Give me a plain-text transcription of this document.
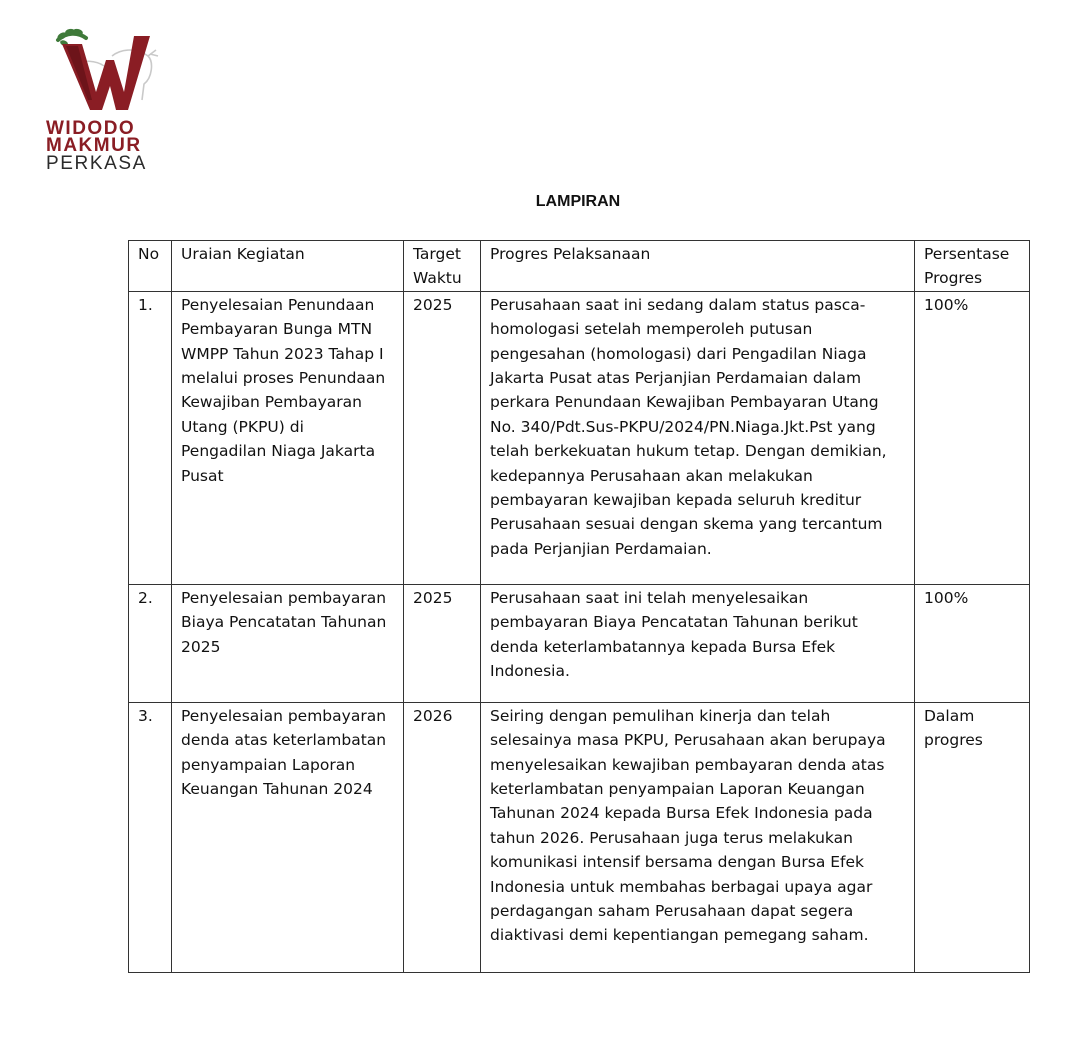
WIDODO
MAKMUR
PERKASA
LAMPIRAN
No	Uraian Kegiatan	Target Waktu	Progres Pelaksanaan	Persentase Progres
1.	Penyelesaian Penundaan Pembayaran Bunga MTN WMPP Tahun 2023 Tahap I melalui proses Penundaan Kewajiban Pembayaran Utang (PKPU) di Pengadilan Niaga Jakarta Pusat	2025	Perusahaan saat ini sedang dalam status pasca-homologasi setelah memperoleh putusan pengesahan (homologasi) dari Pengadilan Niaga Jakarta Pusat atas Perjanjian Perdamaian dalam perkara Penundaan Kewajiban Pembayaran Utang No. 340/Pdt.Sus-PKPU/2024/PN.Niaga.Jkt.Pst yang telah berkekuatan hukum tetap. Dengan demikian, kedepannya Perusahaan akan melakukan pembayaran kewajiban kepada seluruh kreditur Perusahaan sesuai dengan skema yang tercantum pada Perjanjian Perdamaian.	100%
2.	Penyelesaian pembayaran Biaya Pencatatan Tahunan 2025	2025	Perusahaan saat ini telah menyelesaikan pembayaran Biaya Pencatatan Tahunan berikut denda keterlambatannya kepada Bursa Efek Indonesia.	100%
3.	Penyelesaian pembayaran denda atas keterlambatan penyampaian Laporan Keuangan Tahunan 2024	2026	Seiring dengan pemulihan kinerja dan telah selesainya masa PKPU, Perusahaan akan berupaya menyelesaikan kewajiban pembayaran denda atas keterlambatan penyampaian Laporan Keuangan Tahunan 2024 kepada Bursa Efek Indonesia pada tahun 2026. Perusahaan juga terus melakukan komunikasi intensif bersama dengan Bursa Efek Indonesia untuk membahas berbagai upaya agar perdagangan saham Perusahaan dapat segera diaktivasi demi kepentiangan pemegang saham.	Dalam progres
